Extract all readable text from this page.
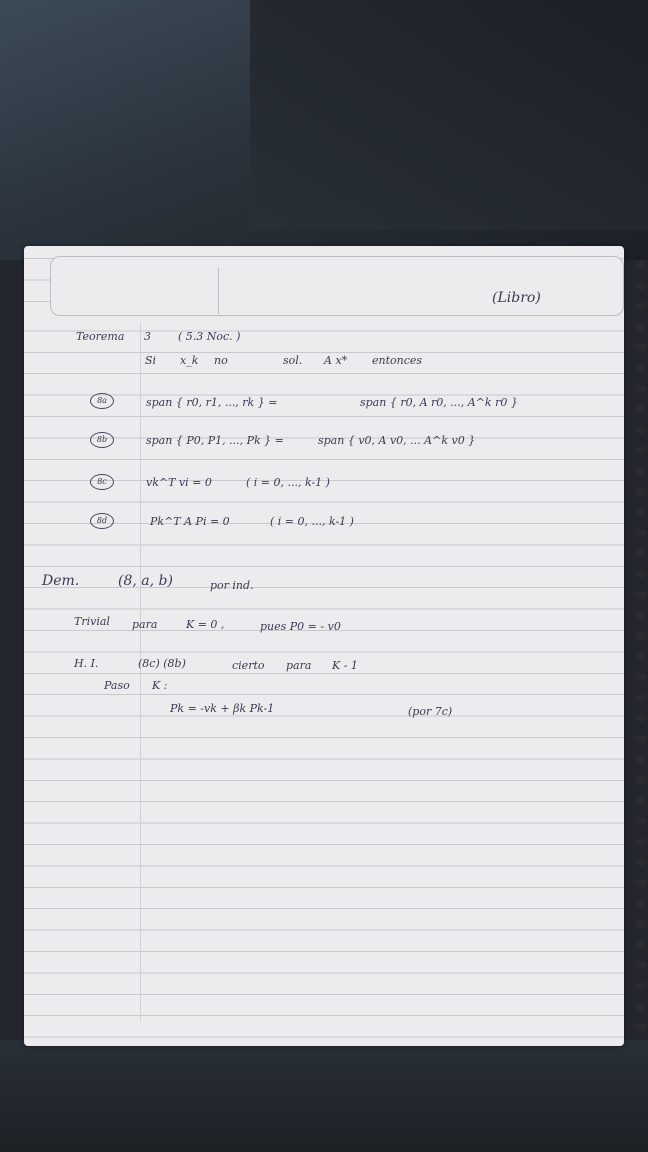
(Libro)
Teorema 3 ( 5.3 Noc. )
Si x_k no	sol. A x* entonces
8a	span { r0, r1, ..., rk } =	span { r0, A r0, ..., A^k r0 }
8b	span { P0, P1, ..., Pk } =	span { v0, A v0, ... A^k v0 }
8c	vk^T vi = 0	( i = 0, ..., k-1 )
8d	Pk^T A Pi = 0	( i = 0, ..., k-1 )
Dem.	(8, a, b)	por ind.
Trivial para	K = 0 ,	pues P0 = - v0
H. I.	(8c) (8b)	cierto para K - 1
Paso K :
Pk = -vk + βk Pk-1	(por 7c)
